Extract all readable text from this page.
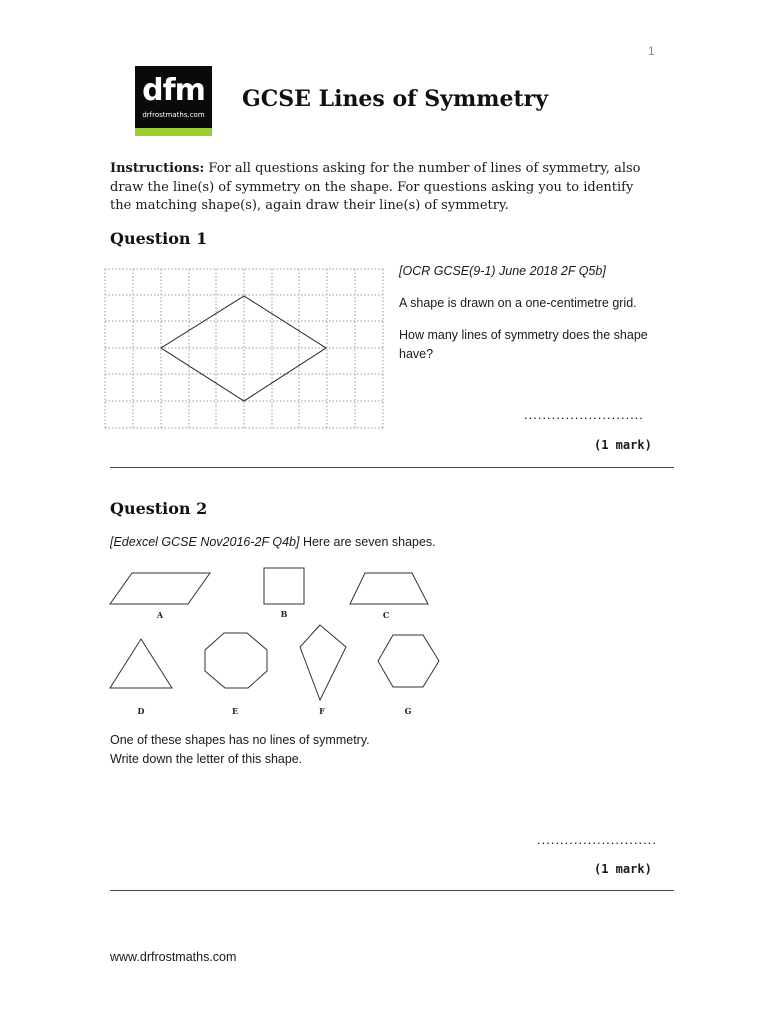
1
dfm
drfrostmaths.com
GCSE Lines of Symmetry
Instructions: For all questions asking for the number of lines of symmetry, also draw the line(s) of symmetry on the shape. For questions asking you to identify the matching shape(s), again draw their line(s) of symmetry.
Question 1
[OCR GCSE(9-1) June 2018 2F Q5b]
A shape is drawn on a one-centimetre grid.
How many lines of symmetry does the shape have?
..........................
(1 mark)
Question 2
[Edexcel GCSE Nov2016-2F Q4b] Here are seven shapes.
A	B	C
D	E	F	G
One of these shapes has no lines of symmetry.
Write down the letter of this shape.
..........................
(1 mark)
www.drfrostmaths.com
